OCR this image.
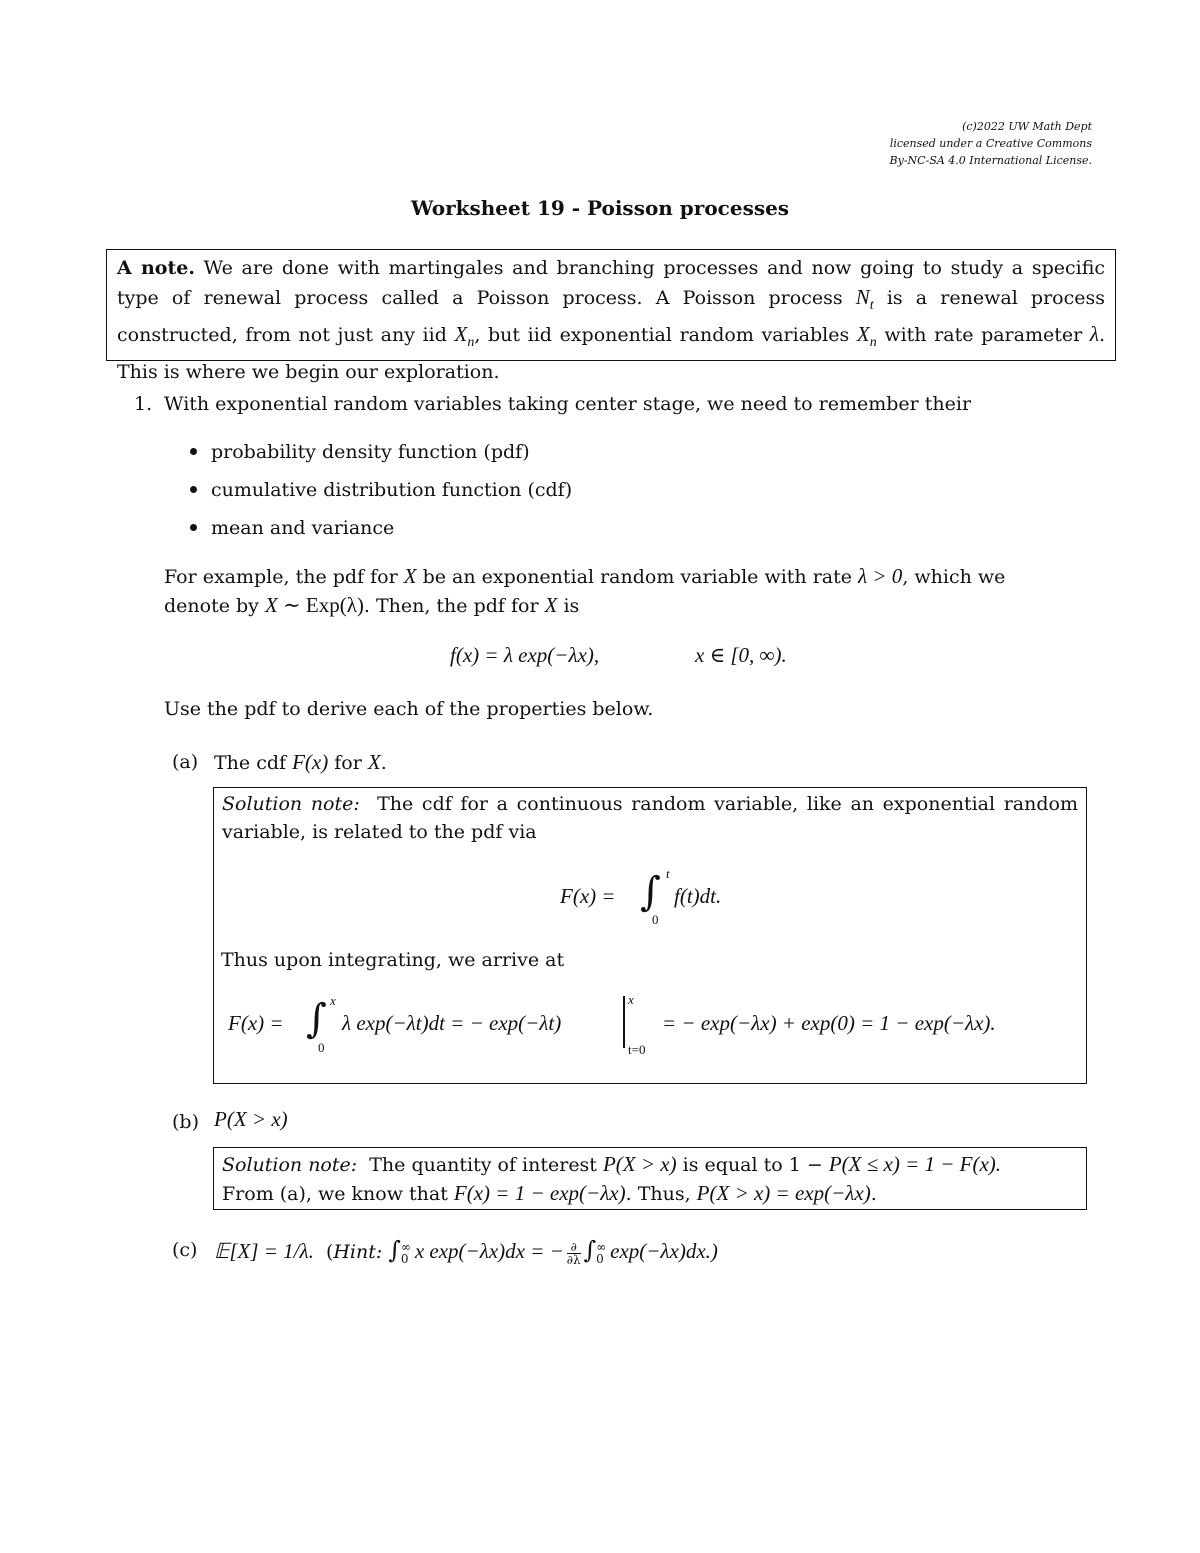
(c)2022 UW Math Dept
licensed under a Creative Commons
By-NC-SA 4.0 International License.
Worksheet 19 - Poisson processes
A note. We are done with martingales and branching processes and now going to study a specific type of renewal process called a Poisson process. A Poisson process $N_t$ is a renewal process constructed, from not just any iid $X_n$, but iid exponential random variables $X_n$ with rate parameter λ. This is where we begin our exploration.
1. With exponential random variables taking center stage, we need to remember their
probability density function (pdf)
cumulative distribution function (cdf)
mean and variance
For example, the pdf for X be an exponential random variable with rate λ > 0, which we
denote by X ∼ Exp(λ). Then, the pdf for X is
f(x) = λ exp(−λx),	x ∈ [0, ∞).
Use the pdf to derive each of the properties below.
(a) The cdf F(x) for X.
Solution note: The cdf for a continuous random variable, like an exponential random variable, is related to the pdf via
F(x) = ∫ t
0
f(t)dt.
Thus upon integrating, we arrive at
F(x) = ∫ x
0
λ exp(−λt)dt = − exp(−λt)
x
t=0
= − exp(−λx) + exp(0) = 1 − exp(−λx).
(b) P(X > x)
Solution note: The quantity of interest P(X > x) is equal to 1 − P(X ≤ x) = 1 − F(x).
From (a), we know that F(x) = 1 − exp(−λx). Thus, P(X > x) = exp(−λx).
(c) 𝔼[X] = 1/λ. (Hint: ∫ ∞
0 x exp(−λx)dx = − ∂
∂λ ∫ ∞
0 exp(−λx)dx.)
